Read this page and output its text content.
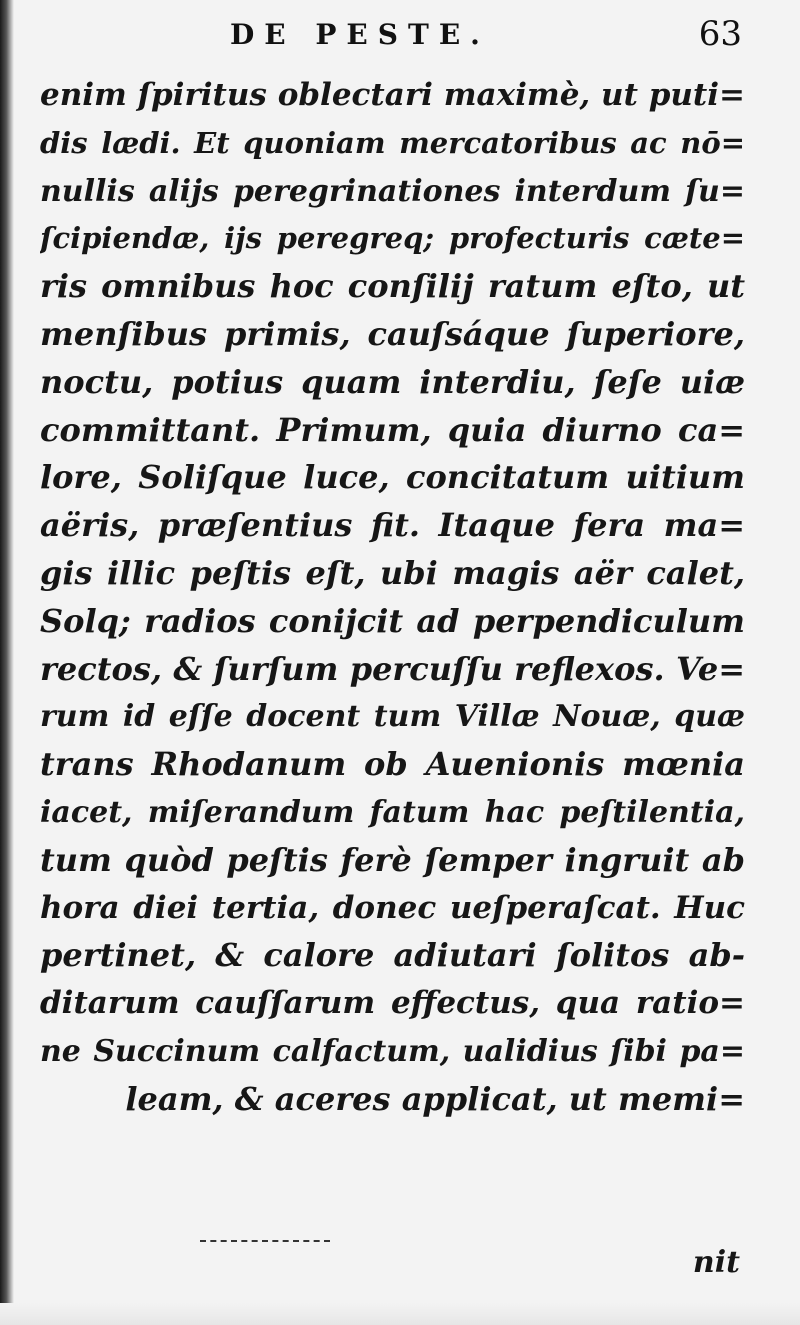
DE PESTE.	63
enim ſpiritus oblectari maximè, ut puti=
dis lædi. Et quoniam mercatoribus ac nō=
nullis alijs peregrinationes interdum ſu=
ſcipiendæ, ijs peregreq; profecturis cæte=
ris omnibus hoc conſilij ratum eſto, ut
menſibus primis, cauſsáque ſuperiore,
noctu, potius quam interdiu, ſeſe uiæ
committant. Primum, quia diurno ca=
lore, Soliſque luce, concitatum uitium
aëris, præſentius fit. Itaque fera ma=
gis illic peſtis eſt, ubi magis aër calet,
Solq; radios conijcit ad perpendiculum
rectos, & ſurſum percuſſu reflexos. Ve=
rum id eſſe docent tum Villæ Nouæ, quæ
trans Rhodanum ob Auenionis mœnia
iacet, miſerandum fatum hac peſtilentia,
tum quòd peſtis ferè ſemper ingruit ab
hora diei tertia, donec ueſperaſcat. Huc
pertinet, & calore adiutari ſolitos ab-
ditarum cauſſarum effectus, qua ratio=
ne Succinum calfactum, ualidius ſibi pa=
leam, & aceres applicat, ut memi=
nit
